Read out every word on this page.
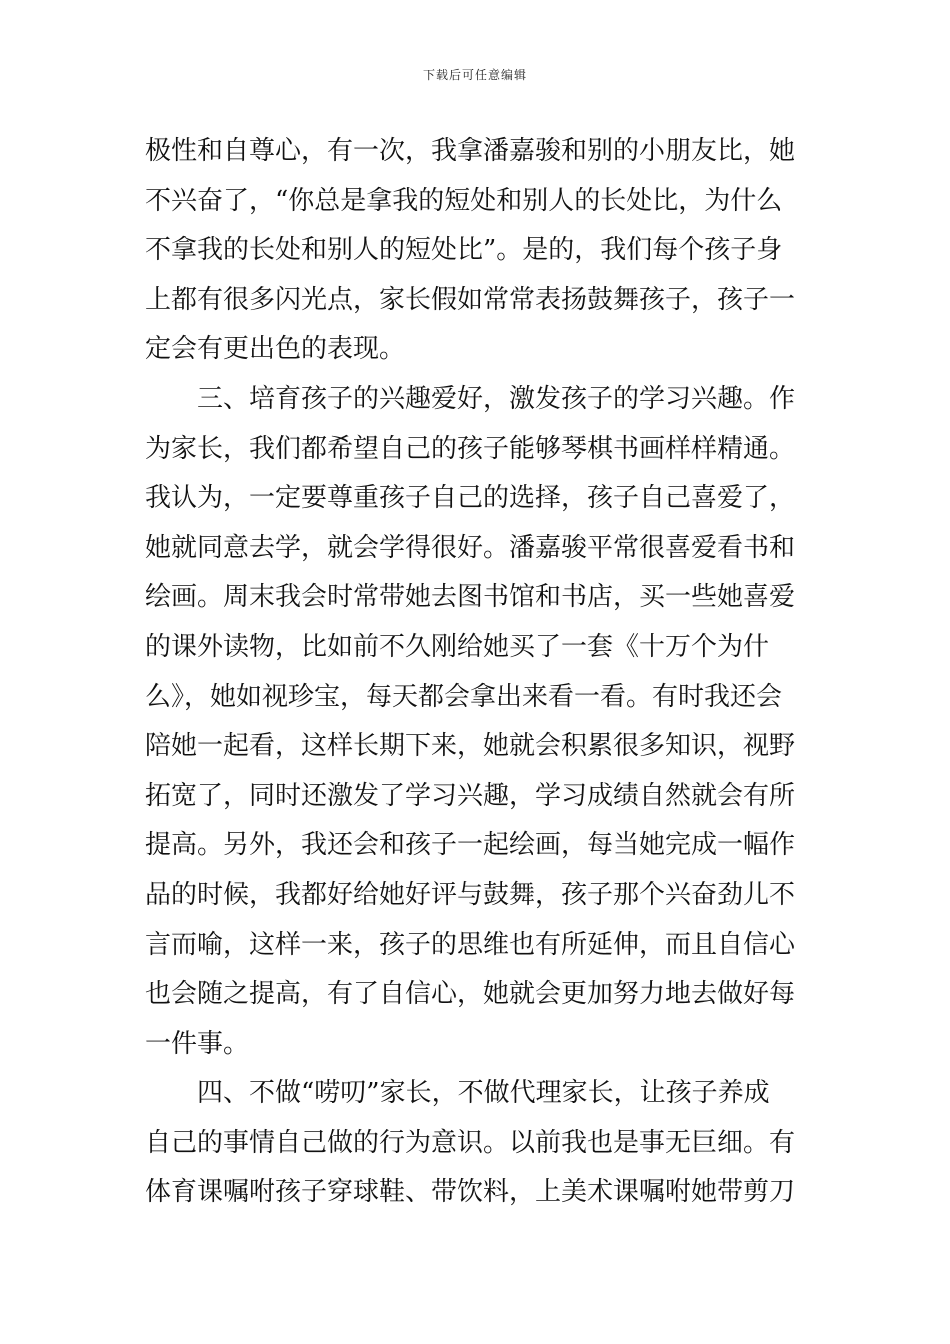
下载后可任意编辑
极性和自尊心，有一次，我拿潘嘉骏和别的小朋友比，她
不兴奋了，“你总是拿我的短处和别人的长处比，为什么
不拿我的长处和别人的短处比”。是的，我们每个孩子身
上都有很多闪光点，家长假如常常表扬鼓舞孩子，孩子一
定会有更出色的表现。
　　三、培育孩子的兴趣爱好，激发孩子的学习兴趣。作
为家长，我们都希望自己的孩子能够琴棋书画样样精通。
我认为，一定要尊重孩子自己的选择，孩子自己喜爱了，
她就同意去学，就会学得很好。潘嘉骏平常很喜爱看书和
绘画。周末我会时常带她去图书馆和书店，买一些她喜爱
的课外读物，比如前不久刚给她买了一套《十万个为什
么》，她如视珍宝，每天都会拿出来看一看。有时我还会
陪她一起看，这样长期下来，她就会积累很多知识，视野
拓宽了，同时还激发了学习兴趣，学习成绩自然就会有所
提高。另外，我还会和孩子一起绘画，每当她完成一幅作
品的时候，我都好给她好评与鼓舞，孩子那个兴奋劲儿不
言而喻，这样一来，孩子的思维也有所延伸，而且自信心
也会随之提高，有了自信心，她就会更加努力地去做好每
一件事。
　　四、不做“唠叨”家长，不做代理家长，让孩子养成
自己的事情自己做的行为意识。以前我也是事无巨细。有
体育课嘱咐孩子穿球鞋、带饮料，上美术课嘱咐她带剪刀
